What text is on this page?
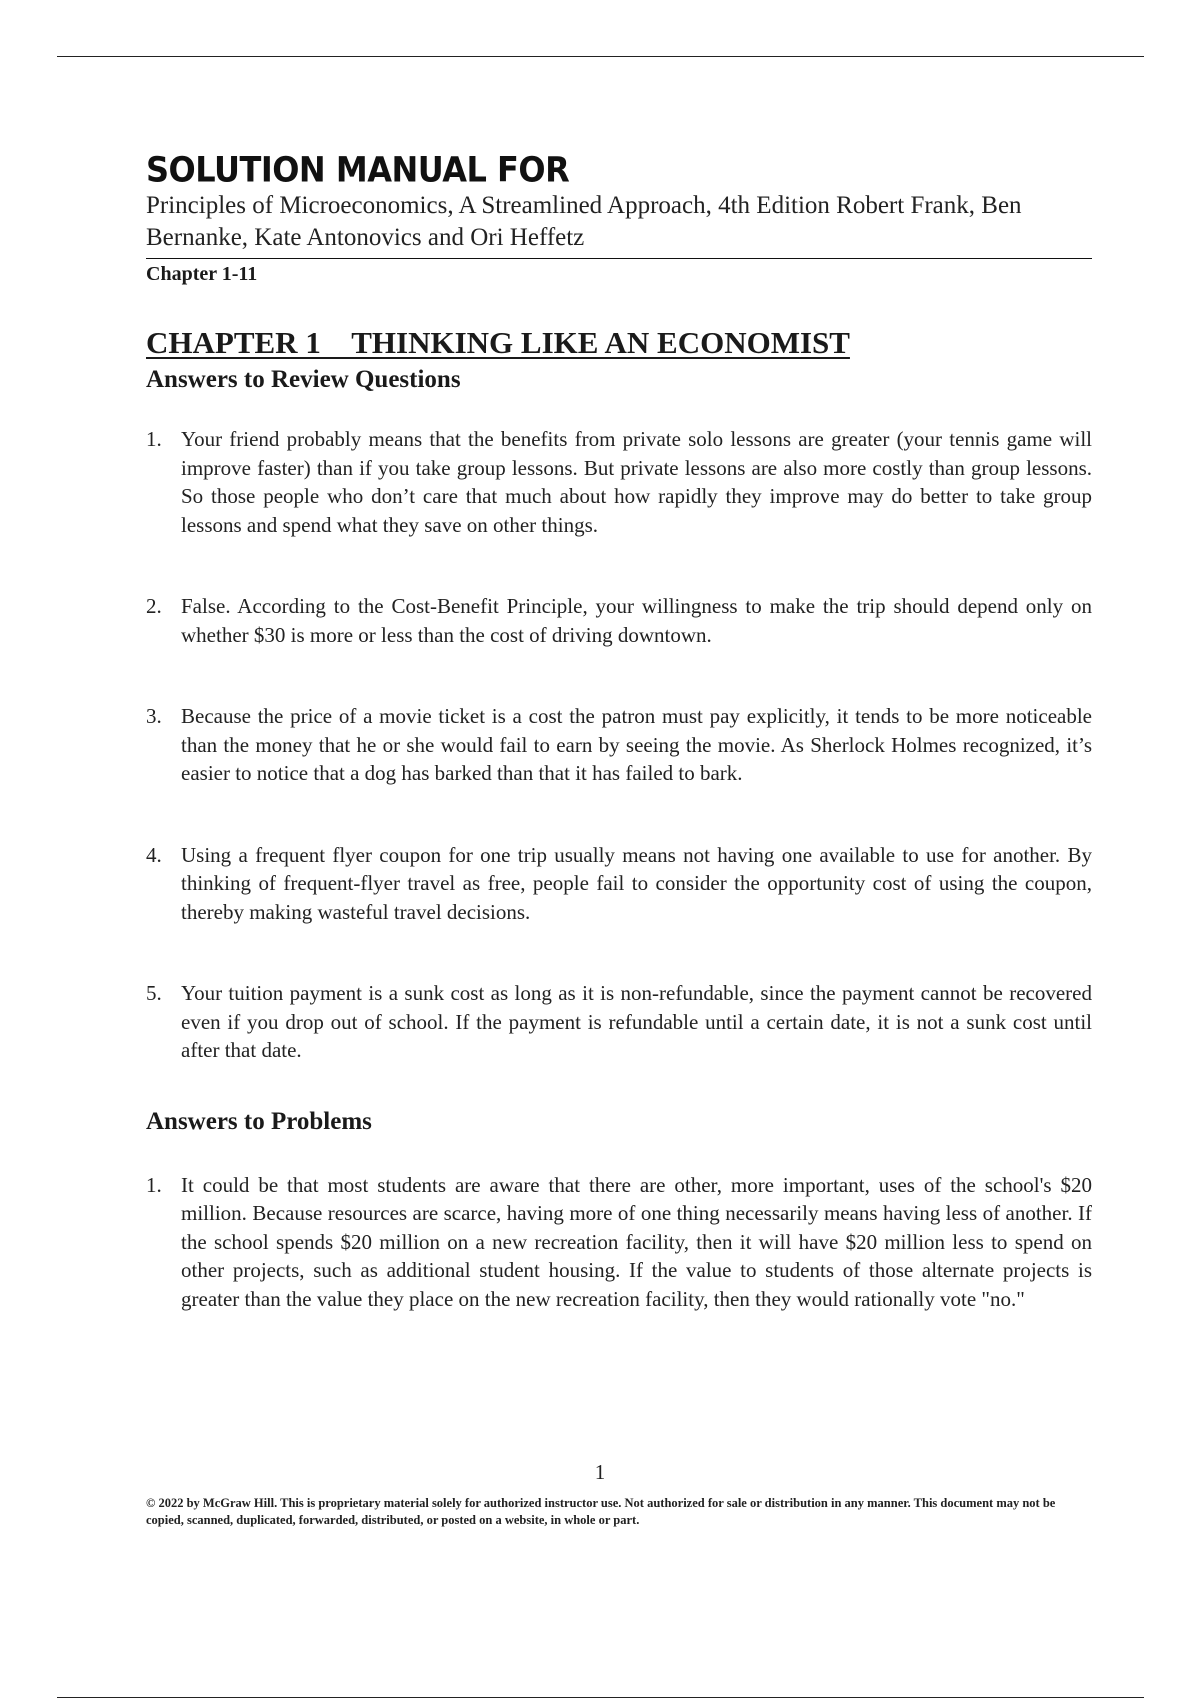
SOLUTION MANUAL FOR
Principles of Microeconomics, A Streamlined Approach, 4th Edition Robert Frank, Ben Bernanke, Kate Antonovics and Ori Heffetz
Chapter 1-11
CHAPTER 1    THINKING LIKE AN ECONOMIST
Answers to Review Questions
1. Your friend probably means that the benefits from private solo lessons are greater (your tennis game will improve faster) than if you take group lessons. But private lessons are also more costly than group lessons. So those people who don’t care that much about how rapidly they improve may do better to take group lessons and spend what they save on other things.
2. False. According to the Cost-Benefit Principle, your willingness to make the trip should depend only on whether $30 is more or less than the cost of driving downtown.
3. Because the price of a movie ticket is a cost the patron must pay explicitly, it tends to be more noticeable than the money that he or she would fail to earn by seeing the movie. As Sherlock Holmes recognized, it’s easier to notice that a dog has barked than that it has failed to bark.
4. Using a frequent flyer coupon for one trip usually means not having one available to use for another. By thinking of frequent-flyer travel as free, people fail to consider the opportunity cost of using the coupon, thereby making wasteful travel decisions.
5. Your tuition payment is a sunk cost as long as it is non-refundable, since the payment cannot be recovered even if you drop out of school. If the payment is refundable until a certain date, it is not a sunk cost until after that date.
Answers to Problems
1. It could be that most students are aware that there are other, more important, uses of the school's $20 million. Because resources are scarce, having more of one thing necessarily means having less of another. If the school spends $20 million on a new recreation facility, then it will have $20 million less to spend on other projects, such as additional student housing. If the value to students of those alternate projects is greater than the value they place on the new recreation facility, then they would rationally vote "no."
1
© 2022 by McGraw Hill. This is proprietary material solely for authorized instructor use. Not authorized for sale or distribution in any manner. This document may not be copied, scanned, duplicated, forwarded, distributed, or posted on a website, in whole or part.
